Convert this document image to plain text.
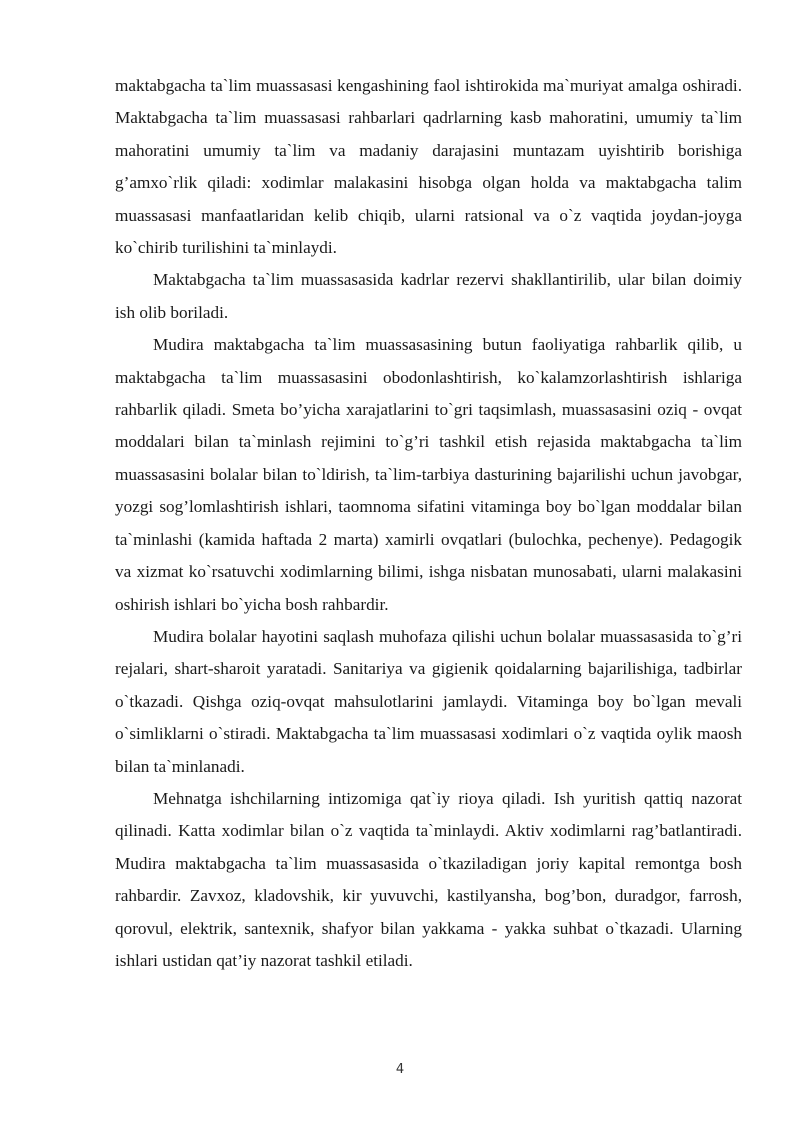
maktabgacha ta`lim muassasasi kengashining faol ishtirokida ma`muriyat amalga oshiradi. Maktabgacha ta`lim muassasasi rahbarlari qadrlarning kasb mahoratini, umumiy ta`lim mahoratini umumiy ta`lim va madaniy darajasini muntazam uyishtirib borishiga g’amxo`rlik qiladi: xodimlar malakasini hisobga olgan holda va maktabgacha talim muassasasi manfaatlaridan kelib chiqib, ularni ratsional va o`z vaqtida joydan-joyga ko`chirib turilishini ta`minlaydi.

Maktabgacha ta`lim muassasasida kadrlar rezervi shakllantirilib, ular bilan doimiy ish olib boriladi.

Mudira maktabgacha ta`lim muassasasining butun faoliyatiga rahbarlik qilib, u maktabgacha ta`lim muassasasini obodonlashtirish, ko`kalamzorlashtirish ishlariga rahbarlik qiladi. Smeta bo’yicha xarajatlarini to`gri taqsimlash, muassasasini oziq - ovqat moddalari bilan ta`minlash rejimini to`g’ri tashkil etish rejasida maktabgacha ta`lim muassasasini bolalar bilan to`ldirish, ta`lim-tarbiya dasturining bajarilishi uchun javobgar, yozgi sog’lomlashtirish ishlari, taomnoma sifatini vitaminga boy bo`lgan moddalar bilan ta`minlashi (kamida haftada 2 marta) xamirli ovqatlari (bulochka, pechenye). Pedagogik va xizmat ko`rsatuvchi xodimlarning bilimi, ishga nisbatan munosabati, ularni malakasini oshirish ishlari bo`yicha bosh rahbardir.

Mudira bolalar hayotini saqlash muhofaza qilishi uchun bolalar muassasasida to`g’ri rejalari, shart-sharoit yaratadi. Sanitariya va gigienik qoidalarning bajarilishiga, tadbirlar o`tkazadi. Qishga oziq-ovqat mahsulotlarini jamlaydi. Vitaminga boy bo`lgan mevali o`simliklarni o`stiradi. Maktabgacha ta`lim muassasasi xodimlari o`z vaqtida oylik maosh bilan ta`minlanadi.

Mehnatga ishchilarning intizomiga qat`iy rioya qiladi. Ish yuritish qattiq nazorat qilinadi. Katta xodimlar bilan o`z vaqtida ta`minlaydi. Aktiv xodimlarni rag’batlantiradi. Mudira maktabgacha ta`lim muassasasida o`tkaziladigan joriy kapital remontga bosh rahbardir. Zavxoz, kladovshik, kir yuvuvchi, kastilyansha, bog’bon, duradgor, farrosh, qorovul, elektrik, santexnik, shafyor bilan yakkama - yakka suhbat o`tkazadi. Ularning ishlari ustidan qat’iy nazorat tashkil etiladi.

4
